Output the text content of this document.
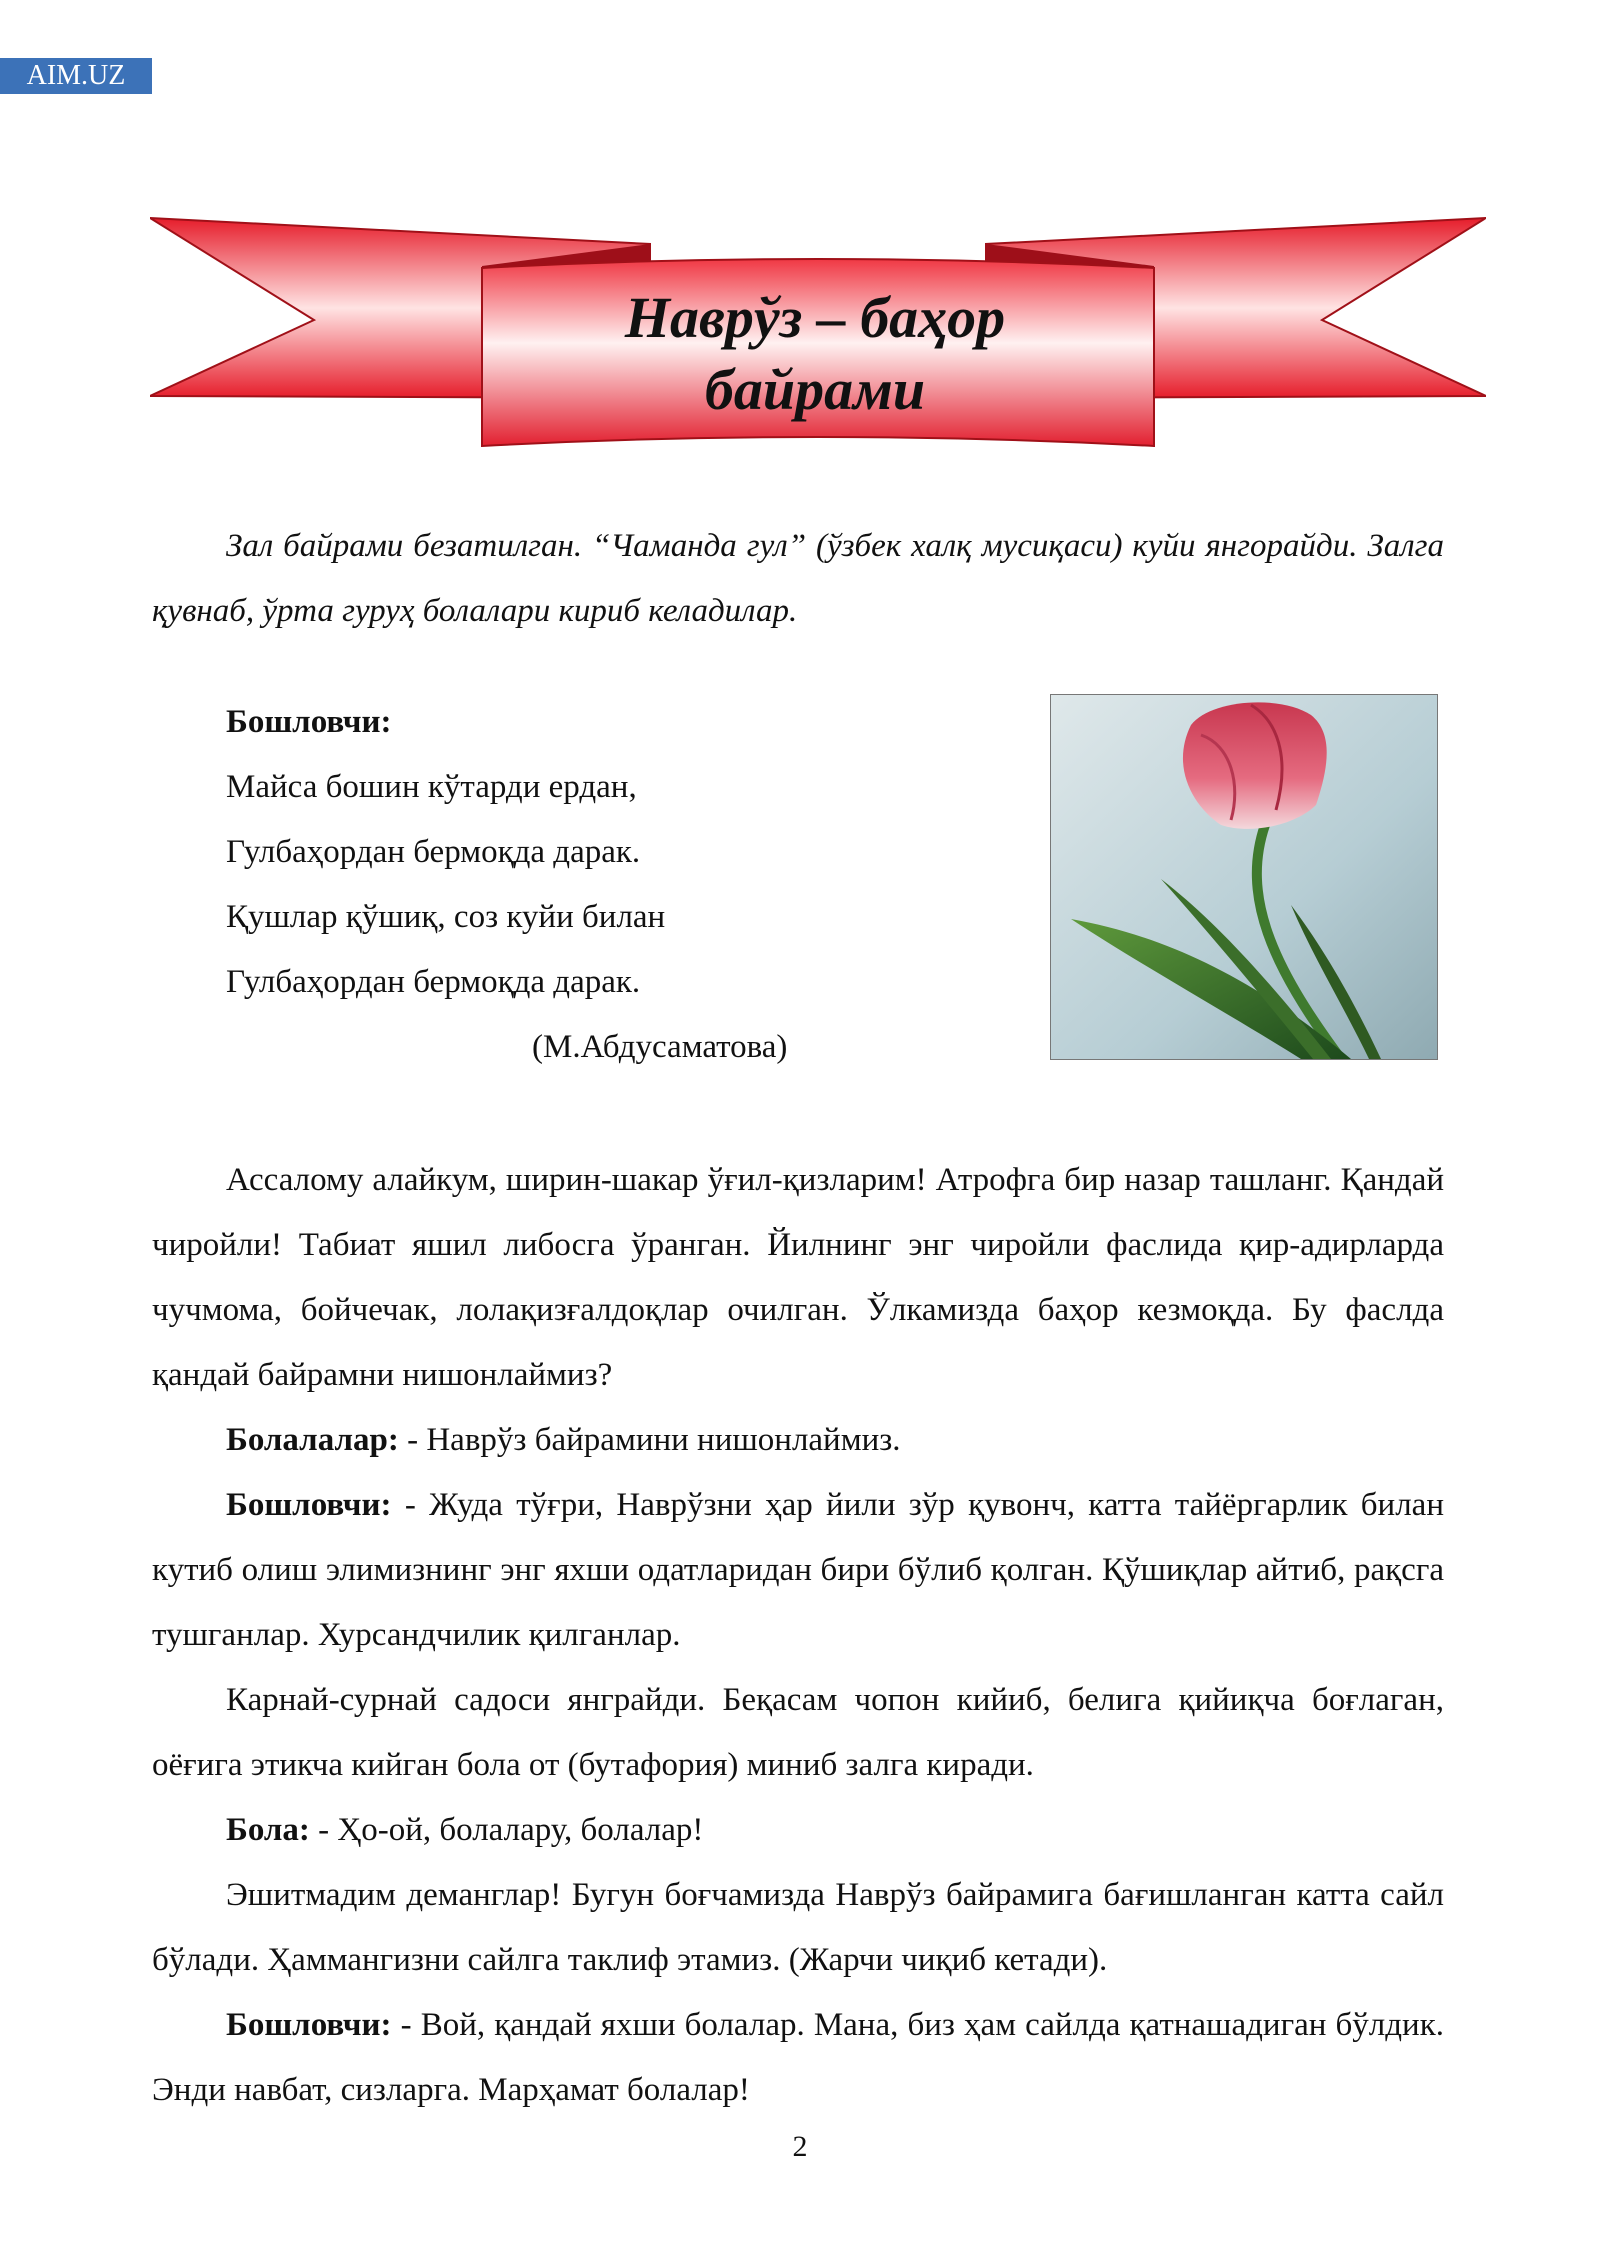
AIM.UZ
Наврўз – баҳор
байрами

Зал байрами безатилган. “Чаманда гул” (ўзбек халқ мусиқаси) куйи янгорайди. Залга қувнаб, ўрта гуруҳ болалари кириб келадилар.

Бошловчи:
Майса бошин кўтарди ердан,
Гулбаҳордан бермоқда дарак.
Қушлар қўшиқ, соз куйи билан
Гулбаҳордан бермоқда дарак.
(М.Абдусаматова)

Ассалому алайкум, ширин-шакар ўғил-қизларим! Атрофга бир назар ташланг. Қандай чиройли! Табиат яшил либосга ўранган. Йилнинг энг чиройли фаслида қир-адирларда чучмома, бойчечак, лолақизғалдоқлар очилган. Ўлкамизда баҳор кезмоқда. Бу фаслда қандай байрамни нишонлаймиз?

Болалалар: - Наврўз байрамини нишонлаймиз.

Бошловчи: - Жуда тўғри, Наврўзни ҳар йили зўр қувонч, катта тайёргарлик билан кутиб олиш элимизнинг энг яхши одатларидан бири бўлиб қолган. Қўшиқлар айтиб, рақсга тушганлар. Хурсандчилик қилганлар.

Карнай-сурнай садоси янграйди. Беқасам чопон кийиб, белига қийиқча боғлаган, оёғига этикча кийган бола от (бутафория) миниб залга киради.

Бола: - Ҳо-ой, болалару, болалар!

Эшитмадим деманглар! Бугун боғчамизда Наврўз байрамига бағишланган катта сайл бўлади. Ҳаммангизни сайлга таклиф этамиз. (Жарчи чиқиб кетади).

Бошловчи: - Вой, қандай яхши болалар. Мана, биз ҳам сайлда қатнашадиган бўлдик. Энди навбат, сизларга. Марҳамат болалар!

2
